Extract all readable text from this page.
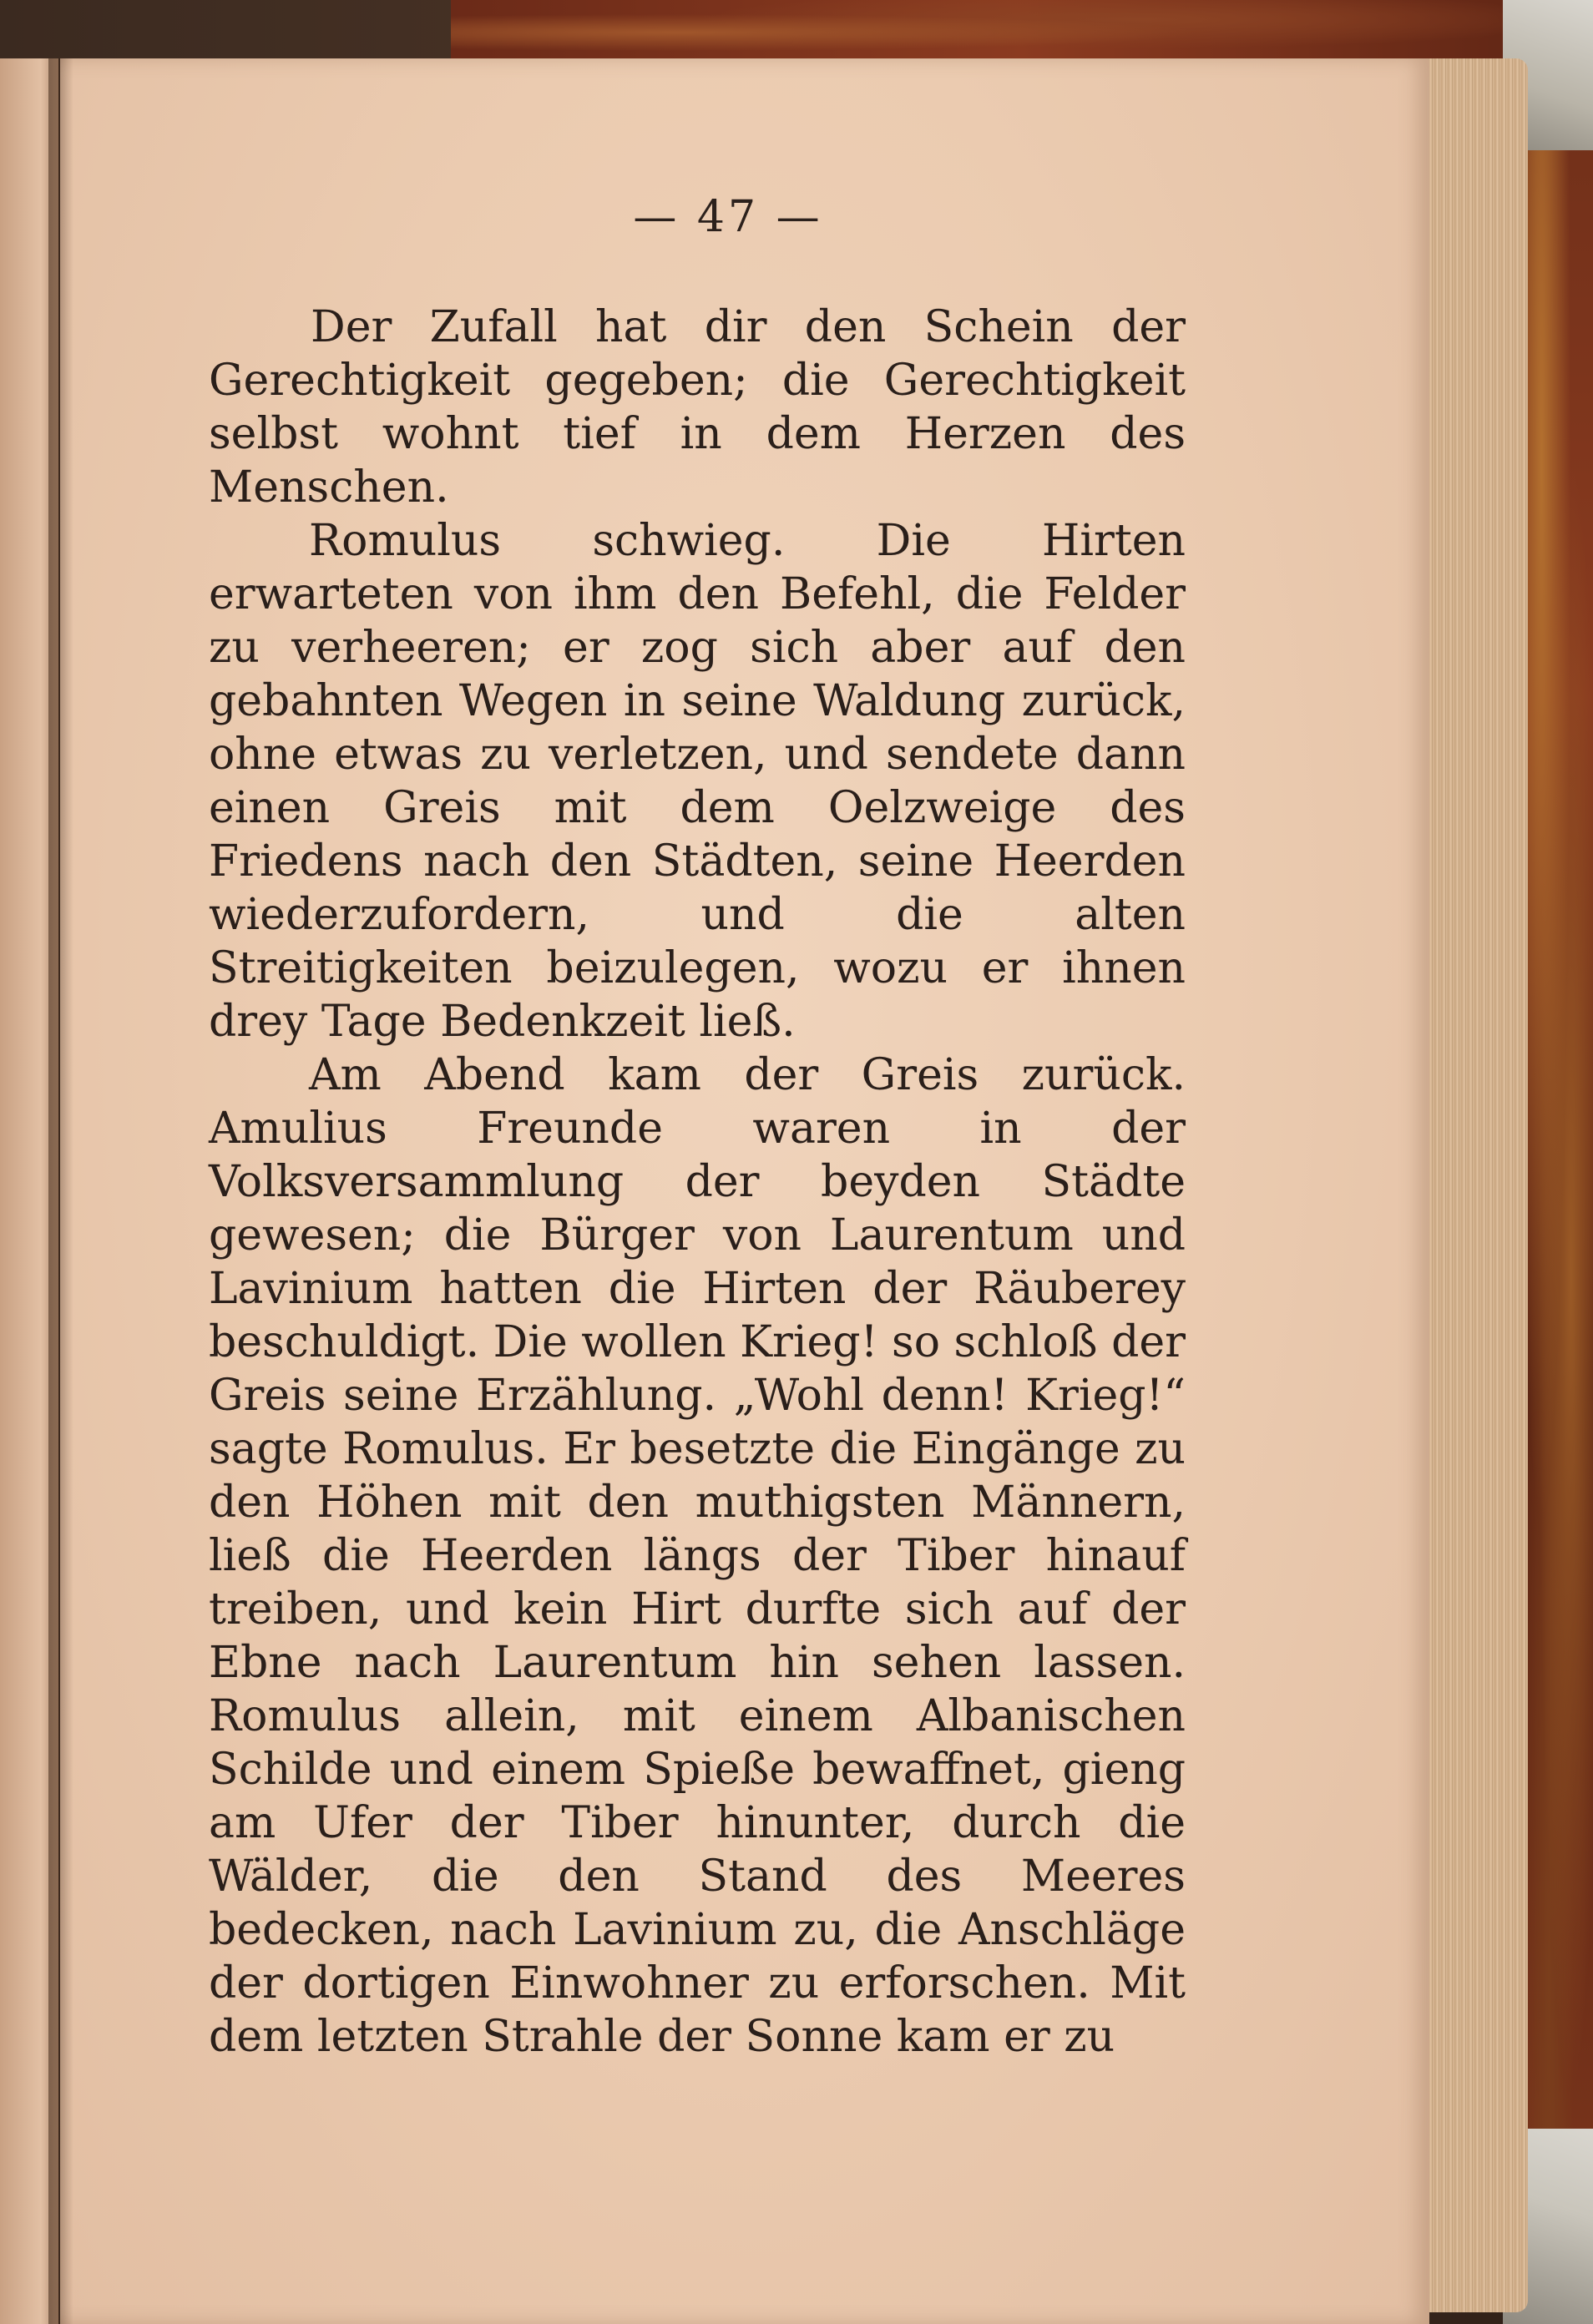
— 47 —

Der Zufall hat dir den Schein der Gerechtigkeit gegeben; die Gerechtigkeit selbst wohnt tief in dem Herzen des Menschen.

Romulus schwieg. Die Hirten erwarteten von ihm den Befehl, die Felder zu verheeren; er zog sich aber auf den gebahnten Wegen in seine Waldung zurück, ohne etwas zu verletzen, und sendete dann einen Greis mit dem Oelzweige des Friedens nach den Städten, seine Heerden wiederzufordern, und die alten Streitigkeiten beizulegen, wozu er ihnen drey Tage Bedenkzeit ließ.

Am Abend kam der Greis zurück. Amulius Freunde waren in der Volksversammlung der beyden Städte gewesen; die Bürger von Laurentum und Lavinium hatten die Hirten der Räuberey beschuldigt. Die wollen Krieg! so schloß der Greis seine Erzählung. „Wohl denn! Krieg!“ sagte Romulus. Er besetzte die Eingänge zu den Höhen mit den muthigsten Männern, ließ die Heerden längs der Tiber hinauf treiben, und kein Hirt durfte sich auf der Ebne nach Laurentum hin sehen lassen. Romulus allein, mit einem Albanischen Schilde und einem Spieße bewaffnet, gieng am Ufer der Tiber hinunter, durch die Wälder, die den Stand des Meeres bedecken, nach Lavinium zu, die Anschläge der dortigen Einwohner zu erforschen. Mit dem letzten Strahle der Sonne kam er zu
